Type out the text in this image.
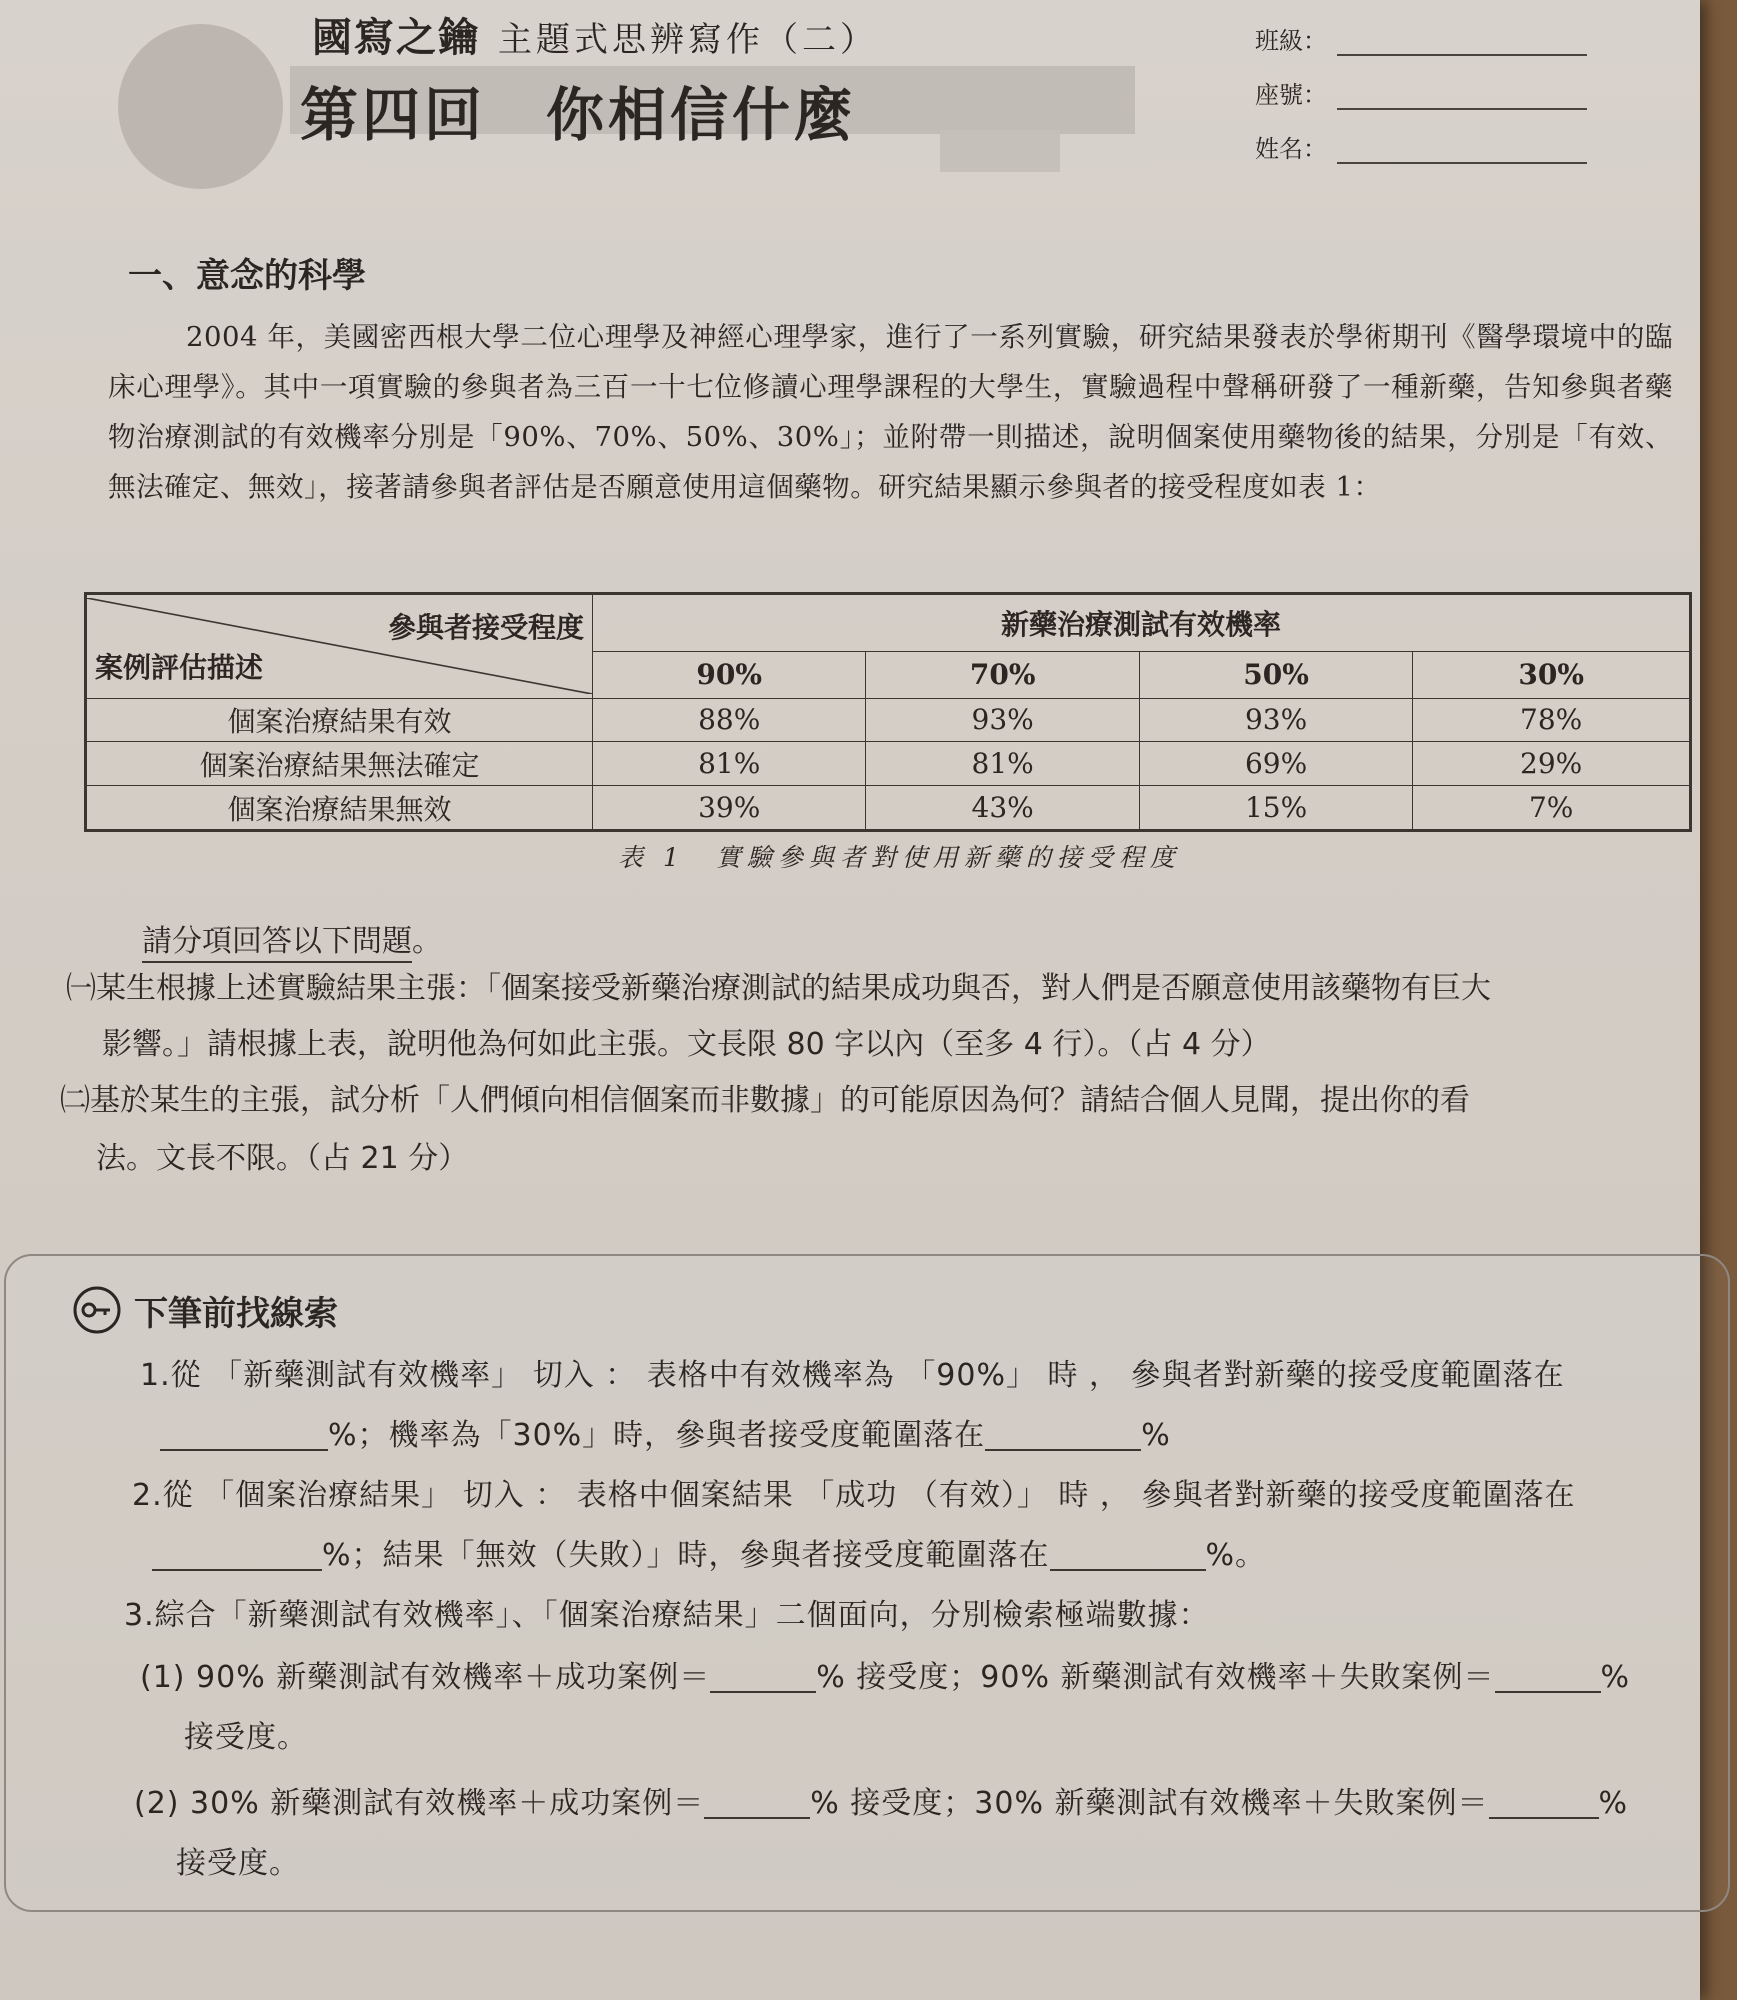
國寫之鑰 主題式思辨寫作（二）
第四回 你相信什麼
班級：
座號：
姓名：
一、意念的科學
2004 年，美國密西根大學二位心理學及神經心理學家，進行了一系列實驗，研究結果發表於學術期刊《醫學環境中的臨床心理學》。其中一項實驗的參與者為三百一十七位修讀心理學課程的大學生，實驗過程中聲稱研發了一種新藥，告知參與者藥物治療測試的有效機率分別是「90%、70%、50%、30%」；並附帶一則描述，說明個案使用藥物後的結果，分別是「有效、無法確定、無效」，接著請參與者評估是否願意使用這個藥物。研究結果顯示參與者的接受程度如表 1：
參與者接受程度
案例評估描述	新藥治療測試有效機率			
	90%	70%	50%	30%
個案治療結果有效	88%	93%	93%	78%
個案治療結果無法確定	81%	81%	69%	29%
個案治療結果無效	39%	43%	15%	7%
表 1　實驗參與者對使用新藥的接受程度
請分項回答以下問題。
㈠某生根據上述實驗結果主張：「個案接受新藥治療測試的結果成功與否，對人們是否願意使用該藥物有巨大
影響。」請根據上表，說明他為何如此主張。文長限 80 字以內（至多 4 行）。（占 4 分）
㈡基於某生的主張，試分析「人們傾向相信個案而非數據」的可能原因為何？請結合個人見聞，提出你的看
法。文長不限。（占 21 分）
下筆前找線索
1.從 「新藥測試有效機率」 切入 ： 表格中有效機率為 「90%」 時 ， 參與者對新藥的接受度範圍落在
%；機率為「30%」時，參與者接受度範圍落在	%
2.從 「個案治療結果」 切入 ： 表格中個案結果 「成功 （有效）」 時 ， 參與者對新藥的接受度範圍落在
%；結果「無效（失敗）」時，參與者接受度範圍落在	%。
3.綜合「新藥測試有效機率」、「個案治療結果」二個面向，分別檢索極端數據：
(1) 90% 新藥測試有效機率＋成功案例＝	% 接受度；90% 新藥測試有效機率＋失敗案例＝	%
接受度。
(2) 30% 新藥測試有效機率＋成功案例＝	% 接受度；30% 新藥測試有效機率＋失敗案例＝	%
接受度。
